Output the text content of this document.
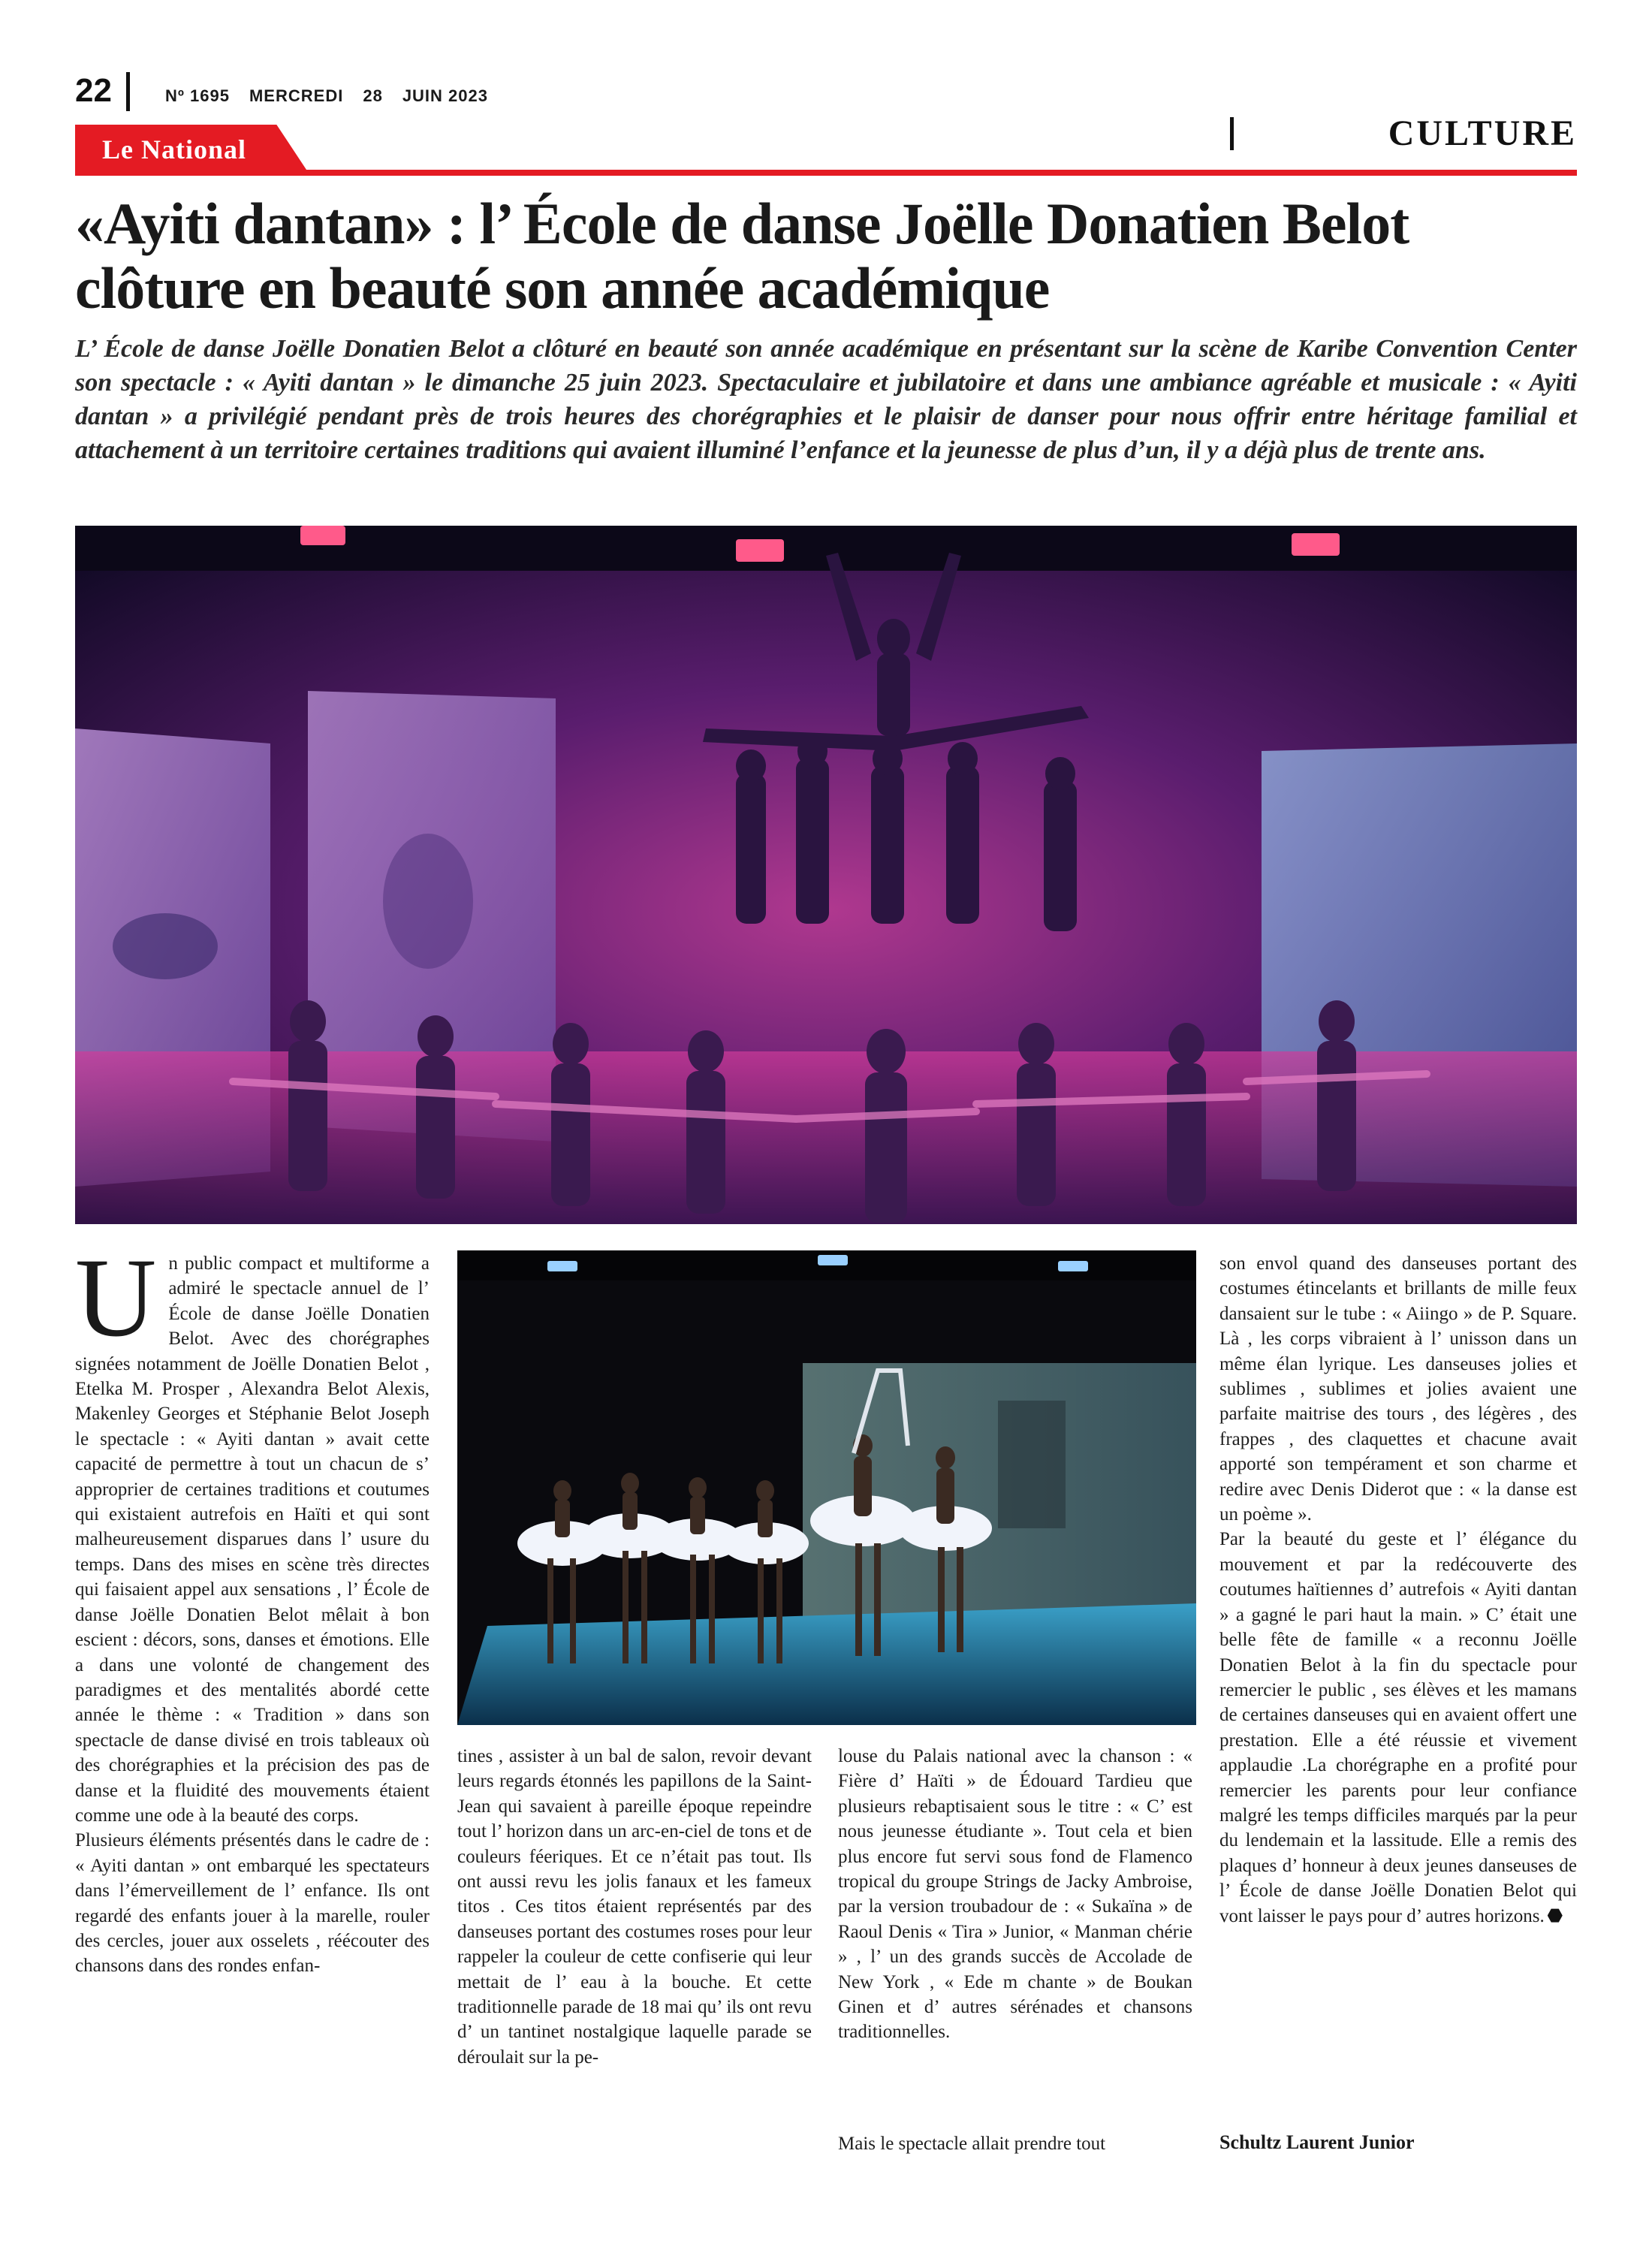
22	Nº 1695 MERCREDI 28 JUIN 2023
CULTURE
Le National
«Ayiti dantan» : l’ École de danse Joëlle Donatien Belot clôture en beauté son année académique

L’ École de danse Joëlle Donatien Belot a clôturé en beauté son année académique en présentant sur la scène de Karibe Convention Center son spectacle : « Ayiti dantan » le dimanche 25 juin 2023. Spectaculaire et jubilatoire et dans une ambiance agréable et musicale : « Ayiti dantan » a privilégié pendant près de trois heures des chorégraphies et le plaisir de danser pour nous offrir entre héritage familial et attachement à un territoire certaines traditions qui avaient illuminé l’enfance et la jeunesse de plus d’un, il y a déjà plus de trente ans.

Un public compact et multiforme a admiré le spectacle annuel de l’ École de danse Joëlle Donatien Belot. Avec des chorégraphes signées notamment de Joëlle Donatien Belot , Etelka M. Prosper , Alexandra Belot Alexis, Makenley Georges et Stéphanie Belot Joseph le spectacle : « Ayiti dantan » avait cette capacité de permettre à tout un chacun de s’ approprier de certaines traditions et coutumes qui existaient autrefois en Haïti et qui sont malheureusement disparues dans l’ usure du temps. Dans des mises en scène très directes qui faisaient appel aux sensations , l’ École de danse Joëlle Donatien Belot mêlait à bon escient : décors, sons, danses et émotions. Elle a dans une volonté de changement des paradigmes et des mentalités abordé cette année le thème : « Tradition » dans son spectacle de danse divisé en trois tableaux où des chorégraphies et la précision des pas de danse et la fluidité des mouvements étaient comme une ode à la beauté des corps.

Plusieurs éléments présentés dans le cadre de : « Ayiti dantan » ont embarqué les spectateurs dans l’émerveillement de l’ enfance. Ils ont regardé des enfants jouer à la marelle, rouler des cercles, jouer aux osselets , réécouter des chansons dans des rondes enfan-

tines , assister à un bal de salon, revoir devant leurs regards étonnés les papillons de la Saint-Jean qui savaient à pareille époque repeindre tout l’ horizon dans un arc-en-ciel de tons et de couleurs féeriques. Et ce n’était pas tout. Ils ont aussi revu les jolis fanaux et les fameux titos . Ces titos étaient représentés par des danseuses portant des costumes roses pour leur rappeler la couleur de cette confiserie qui leur mettait de l’ eau à la bouche. Et cette traditionnelle parade de 18 mai qu’ ils ont revu d’ un tantinet nostalgique laquelle parade se déroulait sur la pe-

louse du Palais national avec la chanson : « Fière d’ Haïti » de Édouard Tardieu que plusieurs rebaptisaient sous le titre : « C’ est nous jeunesse étudiante ». Tout cela et bien plus encore fut servi sous fond de Flamenco tropical du groupe Strings de Jacky Ambroise, par la version troubadour de : « Sukaïna » de Raoul Denis « Tira » Junior, « Manman chérie » , l’ un des grands succès de Accolade de New York , « Ede m chante » de Boukan Ginen et d’ autres sérénades et chansons traditionnelles.

Mais le spectacle allait prendre tout

son envol quand des danseuses portant des costumes étincelants et brillants de mille feux dansaient sur le tube : « Aiingo » de P. Square. Là , les corps vibraient à l’ unisson dans un même élan lyrique. Les danseuses jolies et sublimes , sublimes et jolies avaient une parfaite maitrise des tours , des légères , des frappes , des claquettes et chacune avait apporté son tempérament et son charme et redire avec Denis Diderot que : « la danse est un poème ».

Par la beauté du geste et l’ élégance du mouvement et par la redécouverte des coutumes haïtiennes d’ autrefois « Ayiti dantan » a gagné le pari haut la main. » C’ était une belle fête de famille « a reconnu Joëlle Donatien Belot à la fin du spectacle pour remercier le public , ses élèves et les mamans de certaines danseuses qui en avaient offert une prestation. Elle a été réussie et vivement applaudie .La chorégraphe en a profité pour remercier les parents pour leur confiance malgré les temps difficiles marqués par la peur du lendemain et la lassitude. Elle a remis des plaques d’ honneur à deux jeunes danseuses de l’ École de danse Joëlle Donatien Belot qui vont laisser le pays pour d’ autres horizons.

Schultz Laurent Junior
